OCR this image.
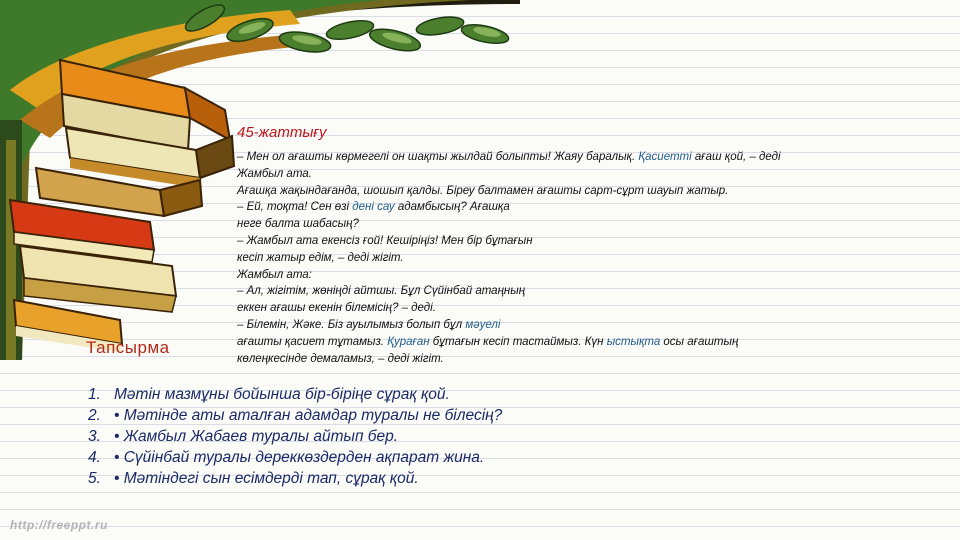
45-жаттығу
– Мен ол ағашты көрмегелі он шақты жылдай болыпты! Жаяу баралық. Қасиетті ағаш қой, – деді
Жамбыл ата.
Ағашқа жақындағанда, шошып қалды. Біреу балтамен ағашты сарт-сұрт шауып жатыр.
– Ей, тоқта! Сен өзі дені сау адамбысың? Ағашқа
неге балта шабасың?
– Жамбыл ата екенсіз ғой! Кешіріңіз! Мен бір бұтағын
кесіп жатыр едім, – деді жігіт.
Жамбыл ата:
– Ал, жігітім, жөніңді айтшы. Бұл Сүйінбай атаңның
еккен ағашы екенін білемісің? – деді.
– Білемін, Жәке. Біз ауылымыз болып бұл мәуелі
ағашты қасиет тұтамыз. Қураған бұтағын кесіп тастаймыз. Күн ыстықта осы ағаштың
көлеңкесінде демаламыз, – деді жігіт.
Тапсырма
1. Мәтін мазмұны бойынша бір-біріңе сұрақ қой.
2. • Мәтінде аты аталған адамдар туралы не білесің?
3. • Жамбыл Жабаев туралы айтып бер.
4. • Сүйінбай туралы дереккөздерден ақпарат жина.
5. • Мәтіндегі сын есімдерді тап, сұрақ қой.
http://freeppt.ru
